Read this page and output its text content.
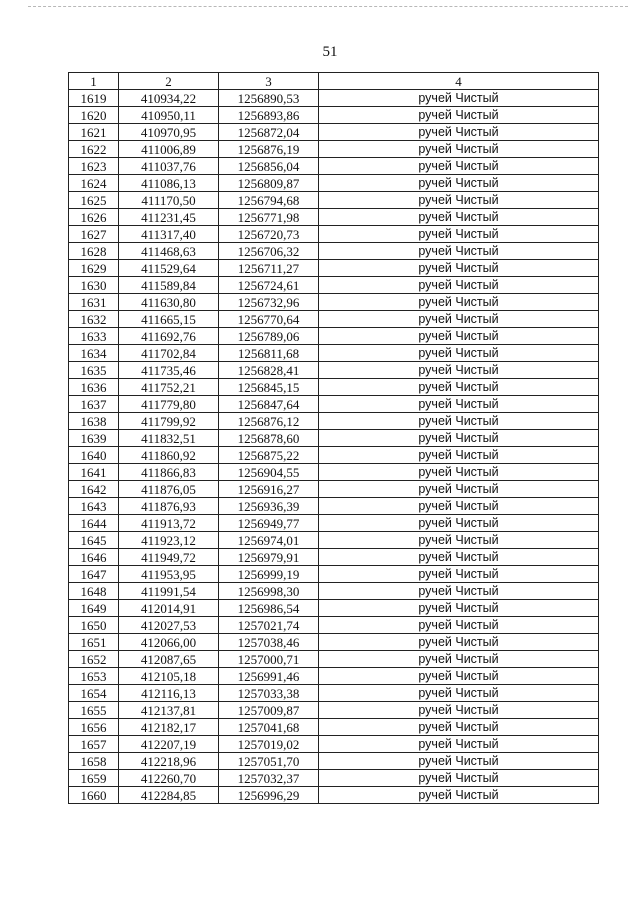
51
1	2	3	4
1619	410934,22	1256890,53	ручей Чистый
1620	410950,11	1256893,86	ручей Чистый
1621	410970,95	1256872,04	ручей Чистый
1622	411006,89	1256876,19	ручей Чистый
1623	411037,76	1256856,04	ручей Чистый
1624	411086,13	1256809,87	ручей Чистый
1625	411170,50	1256794,68	ручей Чистый
1626	411231,45	1256771,98	ручей Чистый
1627	411317,40	1256720,73	ручей Чистый
1628	411468,63	1256706,32	ручей Чистый
1629	411529,64	1256711,27	ручей Чистый
1630	411589,84	1256724,61	ручей Чистый
1631	411630,80	1256732,96	ручей Чистый
1632	411665,15	1256770,64	ручей Чистый
1633	411692,76	1256789,06	ручей Чистый
1634	411702,84	1256811,68	ручей Чистый
1635	411735,46	1256828,41	ручей Чистый
1636	411752,21	1256845,15	ручей Чистый
1637	411779,80	1256847,64	ручей Чистый
1638	411799,92	1256876,12	ручей Чистый
1639	411832,51	1256878,60	ручей Чистый
1640	411860,92	1256875,22	ручей Чистый
1641	411866,83	1256904,55	ручей Чистый
1642	411876,05	1256916,27	ручей Чистый
1643	411876,93	1256936,39	ручей Чистый
1644	411913,72	1256949,77	ручей Чистый
1645	411923,12	1256974,01	ручей Чистый
1646	411949,72	1256979,91	ручей Чистый
1647	411953,95	1256999,19	ручей Чистый
1648	411991,54	1256998,30	ручей Чистый
1649	412014,91	1256986,54	ручей Чистый
1650	412027,53	1257021,74	ручей Чистый
1651	412066,00	1257038,46	ручей Чистый
1652	412087,65	1257000,71	ручей Чистый
1653	412105,18	1256991,46	ручей Чистый
1654	412116,13	1257033,38	ручей Чистый
1655	412137,81	1257009,87	ручей Чистый
1656	412182,17	1257041,68	ручей Чистый
1657	412207,19	1257019,02	ручей Чистый
1658	412218,96	1257051,70	ручей Чистый
1659	412260,70	1257032,37	ручей Чистый
1660	412284,85	1256996,29	ручей Чистый
